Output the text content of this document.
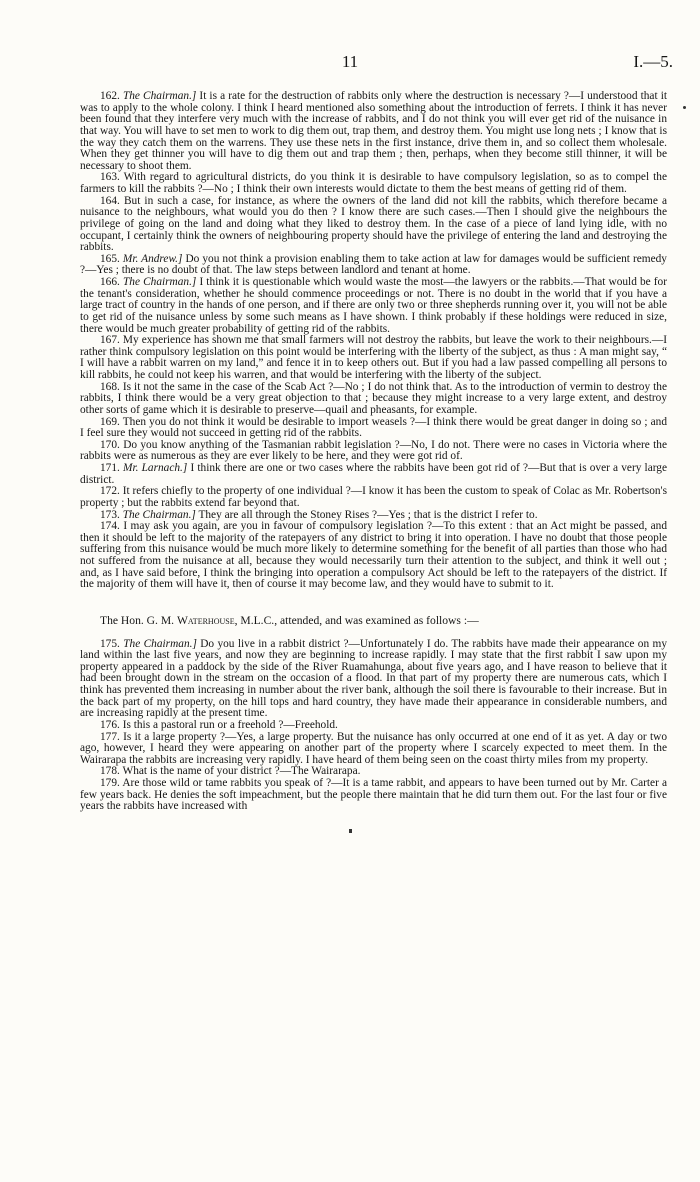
11	I.—5.

162. The Chairman.] It is a rate for the destruction of rabbits only where the destruction is necessary ?—I understood that it was to apply to the whole colony. I think I heard mentioned also something about the introduction of ferrets. I think it has never been found that they interfere very much with the increase of rabbits, and I do not think you will ever get rid of the nuisance in that way. You will have to set men to work to dig them out, trap them, and destroy them. You might use long nets ; I know that is the way they catch them on the warrens. They use these nets in the first instance, drive them in, and so collect them wholesale. When they get thinner you will have to dig them out and trap them ; then, perhaps, when they become still thinner, it will be necessary to shoot them.

163. With regard to agricultural districts, do you think it is desirable to have compulsory legislation, so as to compel the farmers to kill the rabbits ?—No ; I think their own interests would dictate to them the best means of getting rid of them.

164. But in such a case, for instance, as where the owners of the land did not kill the rabbits, which therefore became a nuisance to the neighbours, what would you do then ? I know there are such cases.—Then I should give the neighbours the privilege of going on the land and doing what they liked to destroy them. In the case of a piece of land lying idle, with no occupant, I certainly think the owners of neighbouring property should have the privilege of entering the land and destroying the rabbits.

165. Mr. Andrew.] Do you not think a provision enabling them to take action at law for damages would be sufficient remedy ?—Yes ; there is no doubt of that. The law steps between landlord and tenant at home.

166. The Chairman.] I think it is questionable which would waste the most—the lawyers or the rabbits.—That would be for the tenant's consideration, whether he should commence proceedings or not. There is no doubt in the world that if you have a large tract of country in the hands of one person, and if there are only two or three shepherds running over it, you will not be able to get rid of the nuisance unless by some such means as I have shown. I think probably if these holdings were reduced in size, there would be much greater probability of getting rid of the rabbits.

167. My experience has shown me that small farmers will not destroy the rabbits, but leave the work to their neighbours.—I rather think compulsory legislation on this point would be interfering with the liberty of the subject, as thus : A man might say, “ I will have a rabbit warren on my land,” and fence it in to keep others out. But if you had a law passed compelling all persons to kill rabbits, he could not keep his warren, and that would be interfering with the liberty of the subject.

168. Is it not the same in the case of the Scab Act ?—No ; I do not think that. As to the introduction of vermin to destroy the rabbits, I think there would be a very great objection to that ; because they might increase to a very large extent, and destroy other sorts of game which it is desirable to preserve—quail and pheasants, for example.

169. Then you do not think it would be desirable to import weasels ?—I think there would be great danger in doing so ; and I feel sure they would not succeed in getting rid of the rabbits.

170. Do you know anything of the Tasmanian rabbit legislation ?—No, I do not. There were no cases in Victoria where the rabbits were as numerous as they are ever likely to be here, and they were got rid of.

171. Mr. Larnach.] I think there are one or two cases where the rabbits have been got rid of ?—But that is over a very large district.

172. It refers chiefly to the property of one individual ?—I know it has been the custom to speak of Colac as Mr. Robertson's property ; but the rabbits extend far beyond that.

173. The Chairman.] They are all through the Stoney Rises ?—Yes ; that is the district I refer to.

174. I may ask you again, are you in favour of compulsory legislation ?—To this extent : that an Act might be passed, and then it should be left to the majority of the ratepayers of any district to bring it into operation. I have no doubt that those people suffering from this nuisance would be much more likely to determine something for the benefit of all parties than those who had not suffered from the nuisance at all, because they would necessarily turn their attention to the subject, and think it well out ; and, as I have said before, I think the bringing into operation a compulsory Act should be left to the ratepayers of the district. If the majority of them will have it, then of course it may become law, and they would have to submit to it.

The Hon. G. M. Waterhouse, M.L.C., attended, and was examined as follows :—

175. The Chairman.] Do you live in a rabbit district ?—Unfortunately I do. The rabbits have made their appearance on my land within the last five years, and now they are beginning to increase rapidly. I may state that the first rabbit I saw upon my property appeared in a paddock by the side of the River Ruamahunga, about five years ago, and I have reason to believe that it had been brought down in the stream on the occasion of a flood. In that part of my property there are numerous cats, which I think has prevented them increasing in number about the river bank, although the soil there is favourable to their increase. But in the back part of my property, on the hill tops and hard country, they have made their appearance in considerable numbers, and are increasing rapidly at the present time.

176. Is this a pastoral run or a freehold ?—Freehold.

177. Is it a large property ?—Yes, a large property. But the nuisance has only occurred at one end of it as yet. A day or two ago, however, I heard they were appearing on another part of the property where I scarcely expected to meet them. In the Wairarapa the rabbits are increasing very rapidly. I have heard of them being seen on the coast thirty miles from my property.

178. What is the name of your district ?—The Wairarapa.

179. Are those wild or tame rabbits you speak of ?—It is a tame rabbit, and appears to have been turned out by Mr. Carter a few years back. He denies the soft impeachment, but the people there maintain that he did turn them out. For the last four or five years the rabbits have increased with
